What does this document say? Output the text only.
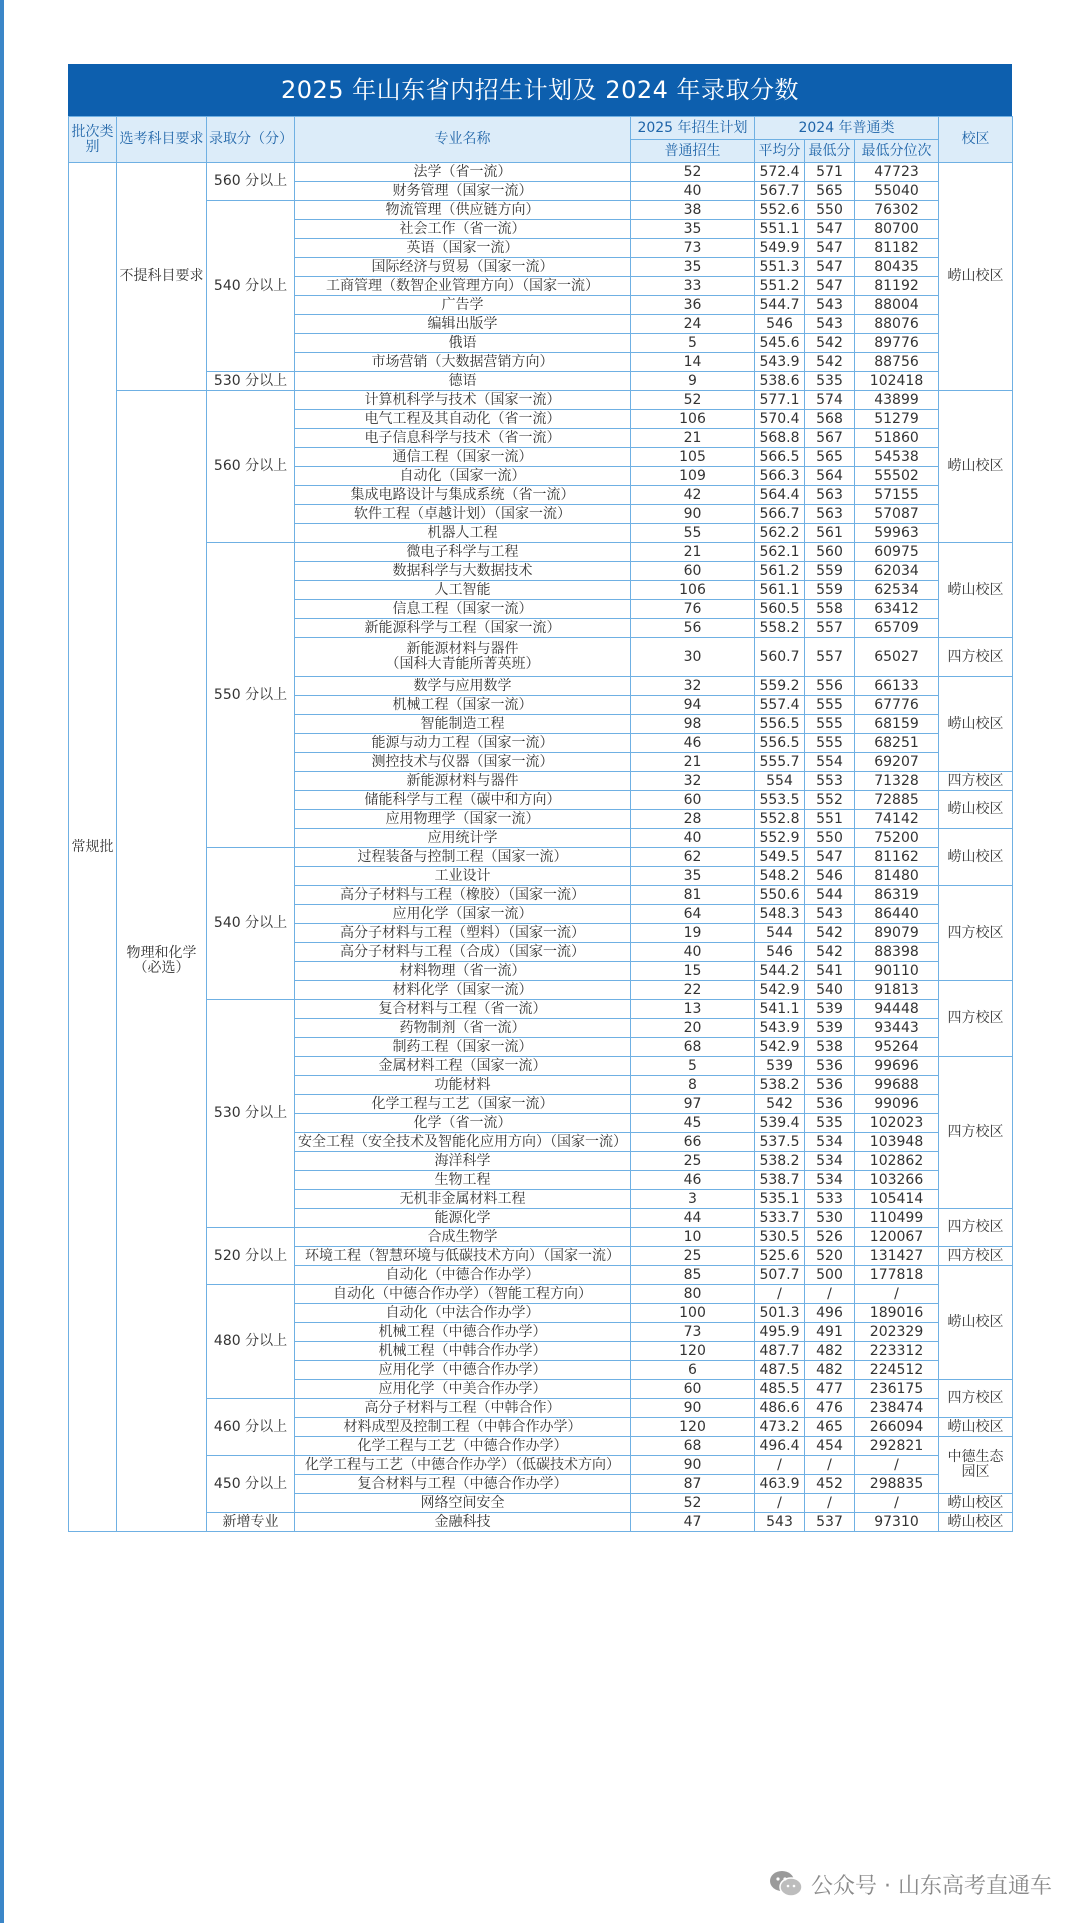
2025 年山东省内招生计划及 2024 年录取分数
批次类别	选考科目要求	录取分（分）	专业名称	2025 年招生计划	2024 年普通类			校区
				普通招生	平均分	最低分	最低分位次	
常规批	不提科目要求	560 分以上	法学（省一流）	52	572.4	571	47723	崂山校区
			财务管理（国家一流）	40	567.7	565	55040	
		540 分以上	物流管理（供应链方向）	38	552.6	550	76302	
			社会工作（省一流）	35	551.1	547	80700	
			英语（国家一流）	73	549.9	547	81182	
			国际经济与贸易（国家一流）	35	551.3	547	80435	
			工商管理（数智企业管理方向）（国家一流）	33	551.2	547	81192	
			广告学	36	544.7	543	88004	
			编辑出版学	24	546	543	88076	
			俄语	5	545.6	542	89776	
			市场营销（大数据营销方向）	14	543.9	542	88756	
		530 分以上	德语	9	538.6	535	102418	
	物理和化学（必选）	560 分以上	计算机科学与技术（国家一流）	52	577.1	574	43899	崂山校区
			电气工程及其自动化（省一流）	106	570.4	568	51279	
			电子信息科学与技术（省一流）	21	568.8	567	51860	
			通信工程（国家一流）	105	566.5	565	54538	
			自动化（国家一流）	109	566.3	564	55502	
			集成电路设计与集成系统（省一流）	42	564.4	563	57155	
			软件工程（卓越计划）（国家一流）	90	566.7	563	57087	
			机器人工程	55	562.2	561	59963	
		550 分以上	微电子科学与工程	21	562.1	560	60975	崂山校区
			数据科学与大数据技术	60	561.2	559	62034	
			人工智能	106	561.1	559	62534	
			信息工程（国家一流）	76	560.5	558	63412	
			新能源科学与工程（国家一流）	56	558.2	557	65709	
			新能源材料与器件
（国科大青能所菁英班）	30	560.7	557	65027	四方校区
			数学与应用数学	32	559.2	556	66133	崂山校区
			机械工程（国家一流）	94	557.4	555	67776	
			智能制造工程	98	556.5	555	68159	
			能源与动力工程（国家一流）	46	556.5	555	68251	
			测控技术与仪器（国家一流）	21	555.7	554	69207	
			新能源材料与器件	32	554	553	71328	四方校区
			储能科学与工程（碳中和方向）	60	553.5	552	72885	崂山校区
			应用物理学（国家一流）	28	552.8	551	74142	
			应用统计学	40	552.9	550	75200	崂山校区
		540 分以上	过程装备与控制工程（国家一流）	62	549.5	547	81162	
			工业设计	35	548.2	546	81480	
			高分子材料与工程（橡胶）（国家一流）	81	550.6	544	86319	四方校区
			应用化学（国家一流）	64	548.3	543	86440	
			高分子材料与工程（塑料）（国家一流）	19	544	542	89079	
			高分子材料与工程（合成）（国家一流）	40	546	542	88398	
			材料物理（省一流）	15	544.2	541	90110	
			材料化学（国家一流）	22	542.9	540	91813	四方校区
		530 分以上	复合材料与工程（省一流）	13	541.1	539	94448	
			药物制剂（省一流）	20	543.9	539	93443	
			制药工程（国家一流）	68	542.9	538	95264	
			金属材料工程（国家一流）	5	539	536	99696	四方校区
			功能材料	8	538.2	536	99688	
			化学工程与工艺（国家一流）	97	542	536	99096	
			化学（省一流）	45	539.4	535	102023	
			安全工程（安全技术及智能化应用方向）（国家一流）	66	537.5	534	103948	
			海洋科学	25	538.2	534	102862	
			生物工程	46	538.7	534	103266	
			无机非金属材料工程	3	535.1	533	105414	
			能源化学	44	533.7	530	110499	四方校区
		520 分以上	合成生物学	10	530.5	526	120067	
			环境工程（智慧环境与低碳技术方向）（国家一流）	25	525.6	520	131427	四方校区
			自动化（中德合作办学）	85	507.7	500	177818	崂山校区
		480 分以上	自动化（中德合作办学）（智能工程方向）	80	/	/	/	
			自动化（中法合作办学）	100	501.3	496	189016	
			机械工程（中德合作办学）	73	495.9	491	202329	
			机械工程（中韩合作办学）	120	487.7	482	223312	
			应用化学（中德合作办学）	6	487.5	482	224512	
			应用化学（中美合作办学）	60	485.5	477	236175	四方校区
		460 分以上	高分子材料与工程（中韩合作）	90	486.6	476	238474	
			材料成型及控制工程（中韩合作办学）	120	473.2	465	266094	崂山校区
			化学工程与工艺（中德合作办学）	68	496.4	454	292821	中德生态园区
		450 分以上	化学工程与工艺（中德合作办学）（低碳技术方向）	90	/	/	/	
			复合材料与工程（中德合作办学）	87	463.9	452	298835	
			网络空间安全	52	/	/	/	崂山校区
		新增专业	金融科技	47	543	537	97310	崂山校区
公众号 · 山东高考直通车
